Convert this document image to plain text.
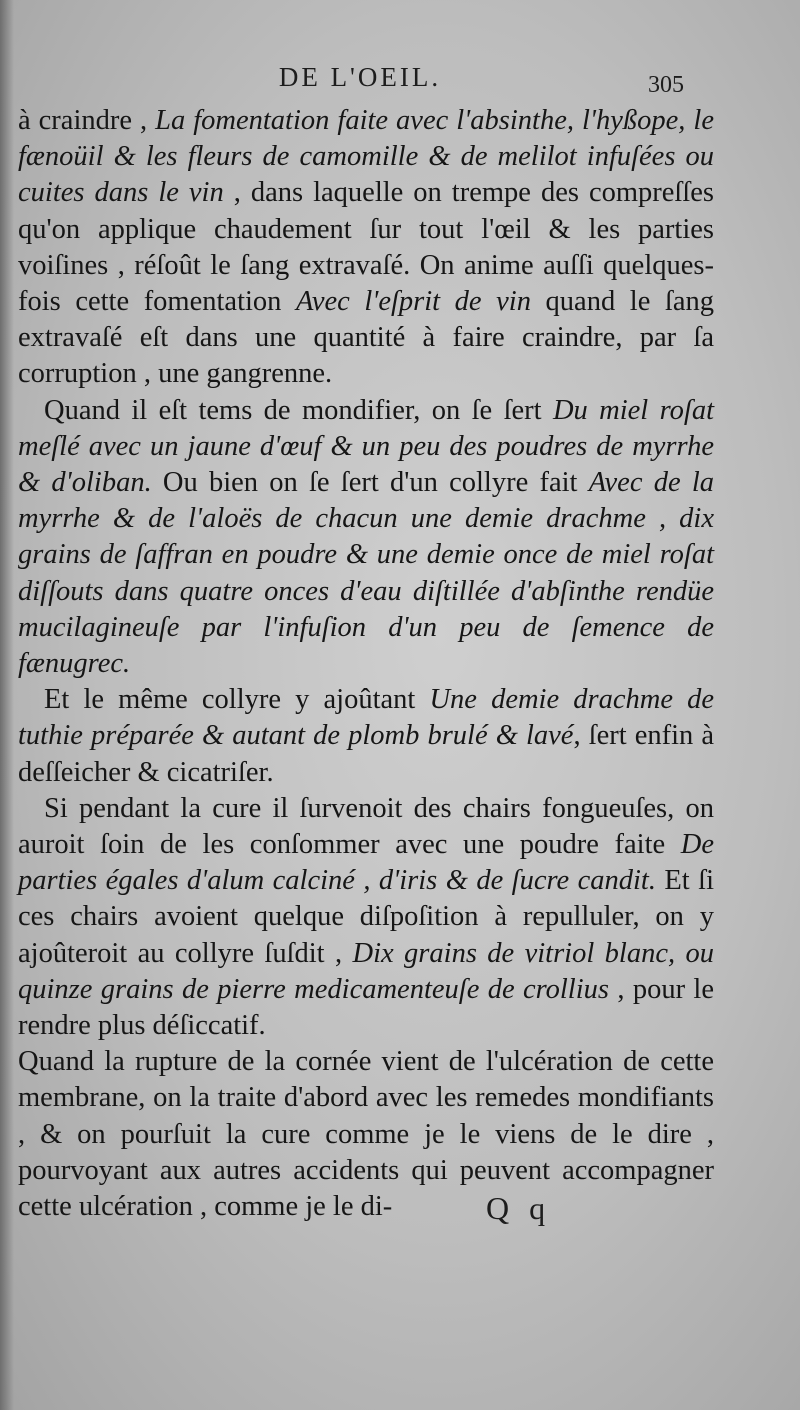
DE L'OEIL.	305

à craindre , La fomentation faite avec l'absinthe, l'hyßope, le fænoüil & les fleurs de camomille & de melilot infuſées ou cuites dans le vin , dans laquelle on trempe des compreſſes qu'on applique chaudement ſur tout l'œil & les parties voiſines , réſoût le ſang extravaſé. On anime auſſi quelques-fois cette fomentation Avec l'eſprit de vin quand le ſang extravaſé eſt dans une quantité à faire craindre, par ſa corruption , une gangrenne.

Quand il eſt tems de mondifier, on ſe ſert Du miel roſat meſlé avec un jaune d'œuf & un peu des poudres de myrrhe & d'oliban. Ou bien on ſe ſert d'un collyre fait Avec de la myrrhe & de l'aloës de chacun une demie drachme , dix grains de ſaffran en poudre & une demie once de miel roſat diſſouts dans quatre onces d'eau diſtillée d'abſinthe rendüe mucilagineuſe par l'infuſion d'un peu de ſemence de fænugrec.

Et le même collyre y ajoûtant Une demie drachme de tuthie préparée & autant de plomb brulé & lavé, ſert enfin à deſſeicher & cicatriſer.

Si pendant la cure il ſurvenoit des chairs fongueuſes, on auroit ſoin de les conſommer avec une poudre faite De parties égales d'alum calciné , d'iris & de ſucre candit. Et ſi ces chairs avoient quelque diſpoſition à repulluler, on y ajoûteroit au collyre ſuſdit , Dix grains de vitriol blanc, ou quinze grains de pierre medicamenteuſe de crollius , pour le rendre plus déſiccatif.

Quand la rupture de la cornée vient de l'ulcération de cette membrane, on la traite d'abord avec les remedes mondifiants , & on pourſuit la cure comme je le viens de le dire , pourvoyant aux autres accidents qui peuvent accompagner cette ulcération , comme je le di-	Q q
